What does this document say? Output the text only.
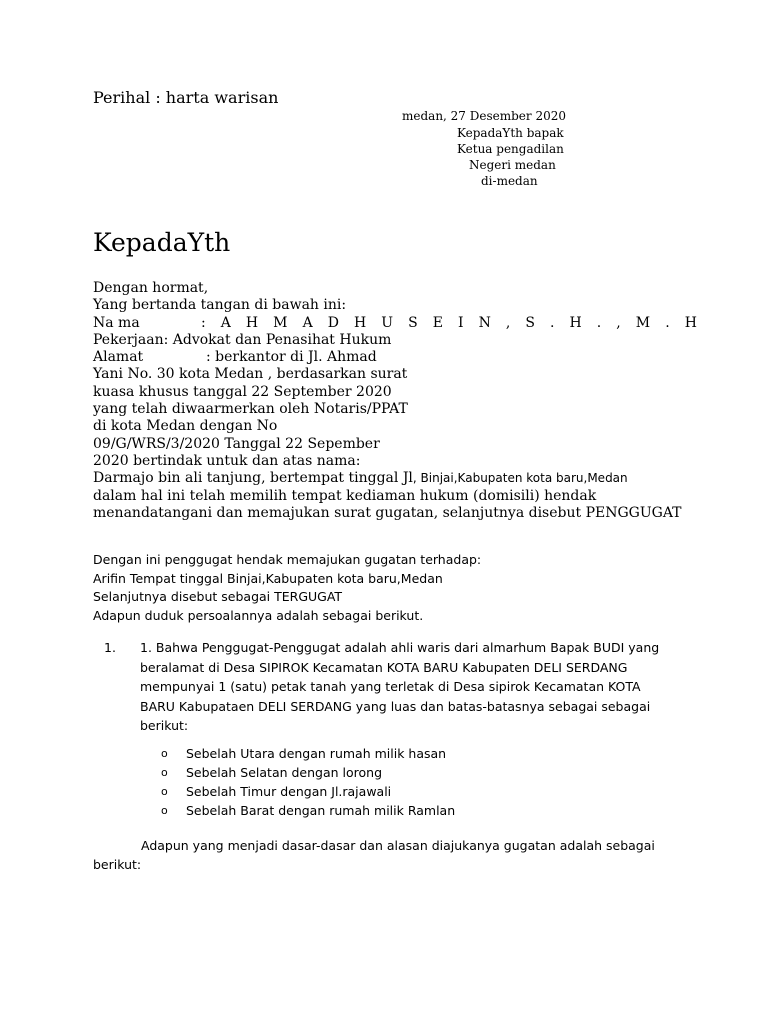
Perihal : harta warisan
medan, 27 Desember 2020
KepadaYth bapak
Ketua pengadilan
Negeri medan
di-medan
KepadaYth
Dengan hormat,
Yang bertanda tangan di bawah ini:
Na ma	: A H M A D H U S E I N , S . H . , M . H
Pekerjaan: Advokat dan Penasihat Hukum
Alamat	: berkantor di Jl. Ahmad
Yani No. 30 kota Medan , berdasarkan surat
kuasa khusus tanggal 22 September 2020
yang telah diwaarmerkan oleh Notaris/PPAT
di kota Medan dengan No
09/G/WRS/3/2020 Tanggal 22 Sepember
2020 bertindak untuk dan atas nama:
Darmajo bin ali tanjung, bertempat tinggal Jl, Binjai,Kabupaten kota baru,Medan
dalam hal ini telah memilih tempat kediaman hukum (domisili) hendak
menandatangani dan memajukan surat gugatan, selanjutnya disebut PENGGUGAT
Dengan ini penggugat hendak memajukan gugatan terhadap:
Arifin Tempat tinggal Binjai,Kabupaten kota baru,Medan
Selanjutnya disebut sebagai TERGUGAT
Adapun duduk persoalannya adalah sebagai berikut.
1. 1. Bahwa Penggugat-Penggugat adalah ahli waris dari almarhum Bapak BUDI yang
beralamat di Desa SIPIROK Kecamatan KOTA BARU Kabupaten DELI SERDANG
mempunyai 1 (satu) petak tanah yang terletak di Desa sipirok Kecamatan KOTA
BARU Kabupataen DELI SERDANG yang luas dan batas-batasnya sebagai sebagai
berikut:
o Sebelah Utara dengan rumah milik hasan
o Sebelah Selatan dengan lorong
o Sebelah Timur dengan Jl.rajawali
o Sebelah Barat dengan rumah milik Ramlan
Adapun yang menjadi dasar-dasar dan alasan diajukanya gugatan adalah sebagai
berikut:
